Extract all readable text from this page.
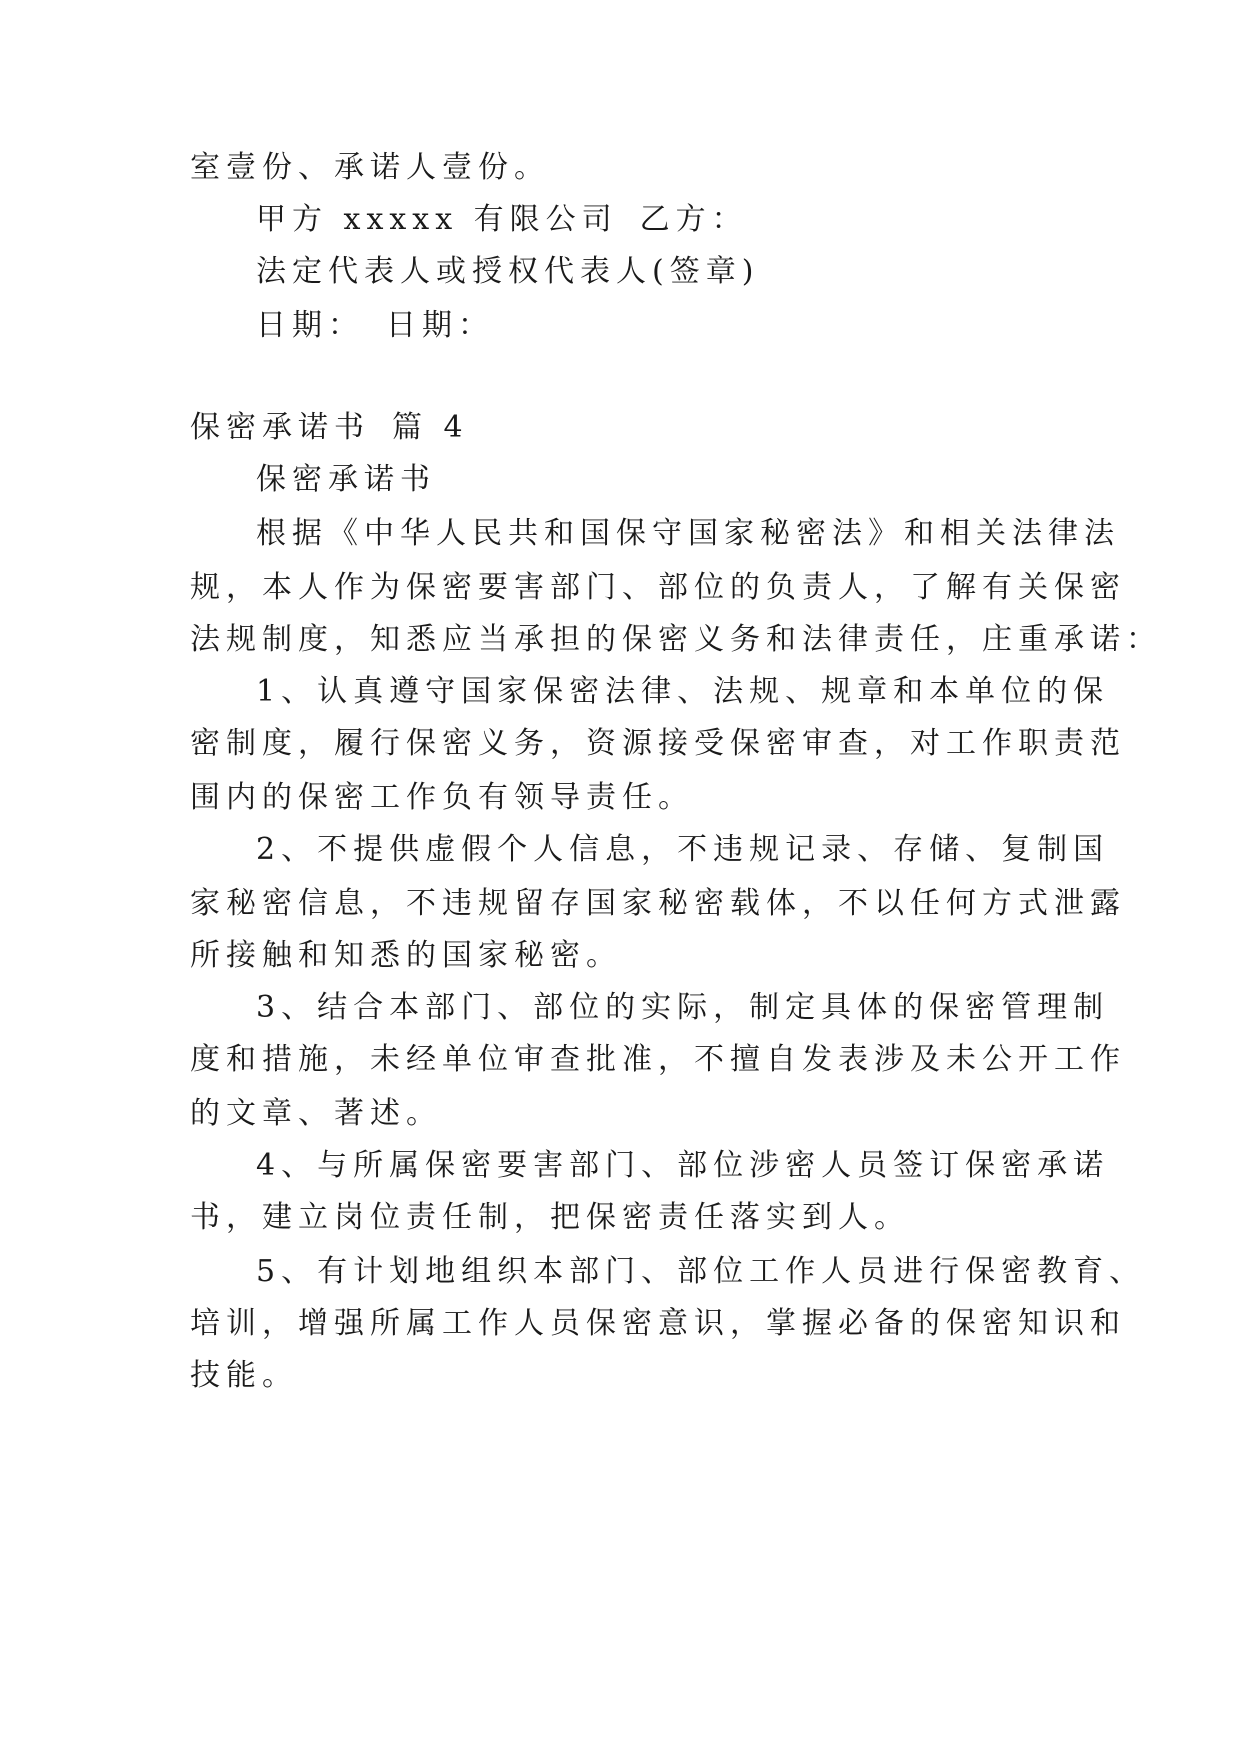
室壹份、承诺人壹份。
甲方 xxxxx 有限公司 乙方：
法定代表人或授权代表人(签章)
日期： 日期：
保密承诺书 篇 4
保密承诺书
根据《中华人民共和国保守国家秘密法》和相关法律法
规，本人作为保密要害部门、部位的负责人，了解有关保密
法规制度，知悉应当承担的保密义务和法律责任，庄重承诺：
1、认真遵守国家保密法律、法规、规章和本单位的保
密制度，履行保密义务，资源接受保密审查，对工作职责范
围内的保密工作负有领导责任。
2、不提供虚假个人信息，不违规记录、存储、复制国
家秘密信息，不违规留存国家秘密载体，不以任何方式泄露
所接触和知悉的国家秘密。
3、结合本部门、部位的实际，制定具体的保密管理制
度和措施，未经单位审查批准，不擅自发表涉及未公开工作
的文章、著述。
4、与所属保密要害部门、部位涉密人员签订保密承诺
书，建立岗位责任制，把保密责任落实到人。
5、有计划地组织本部门、部位工作人员进行保密教育、
培训，增强所属工作人员保密意识，掌握必备的保密知识和
技能。
